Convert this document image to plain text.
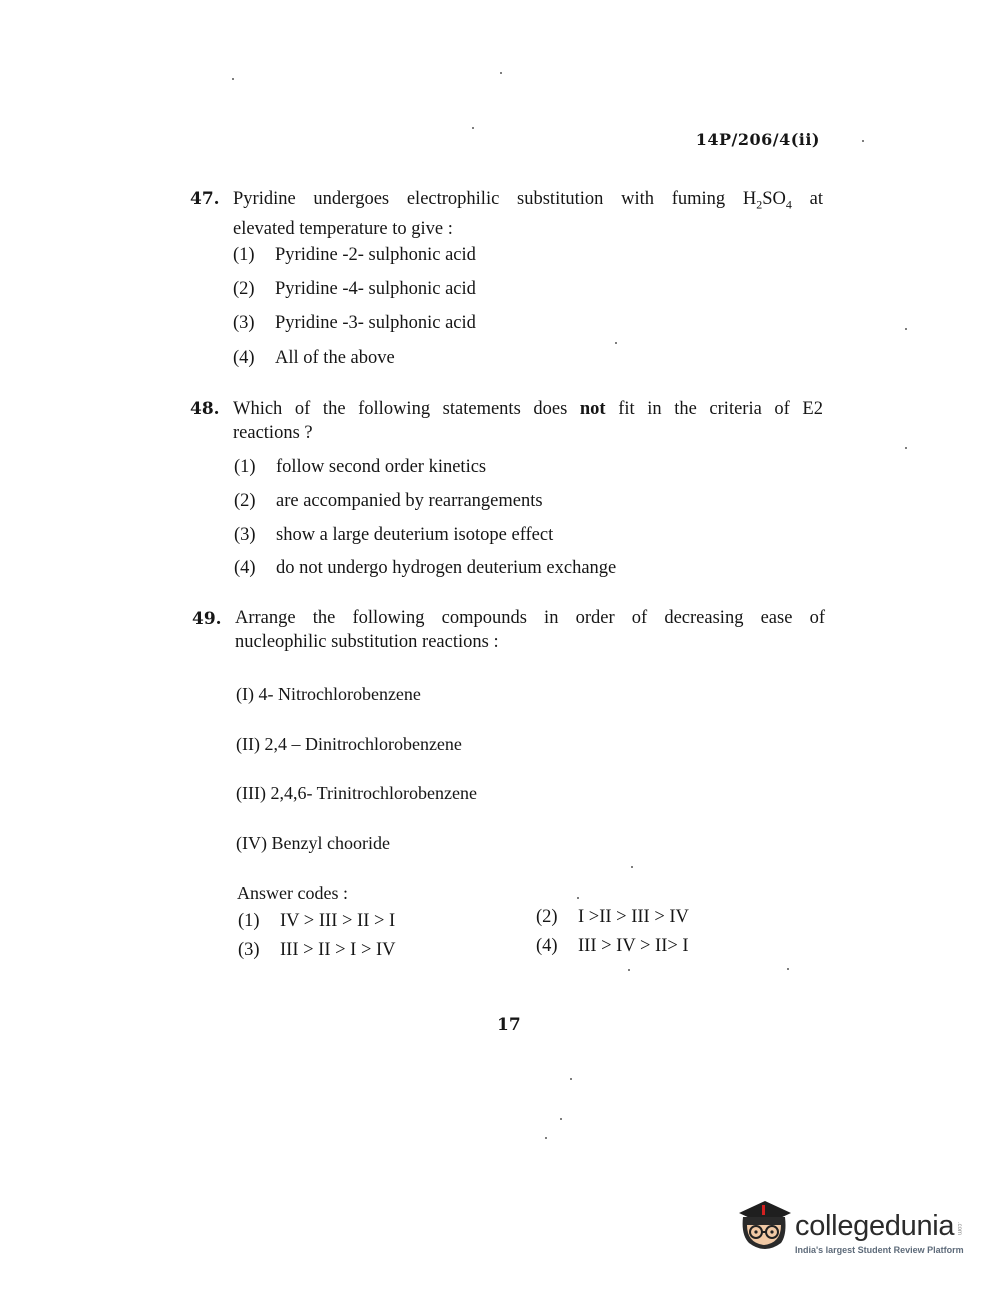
14P/206/4(ii)
47. Pyridine undergoes electrophilic substitution with fuming $H_2SO_4$ at
elevated temperature to give :
(1) Pyridine -2- sulphonic acid
(2) Pyridine -4- sulphonic acid
(3) Pyridine -3- sulphonic acid
(4) All of the above
48. Which of the following statements does not fit in the criteria of E2
reactions ?
(1) follow second order kinetics
(2) are accompanied by rearrangements
(3) show a large deuterium isotope effect
(4) do not undergo hydrogen deuterium exchange
49. Arrange the following compounds in order of decreasing ease of
nucleophilic substitution reactions :
(I) 4- Nitrochlorobenzene
(II) 2,4 – Dinitrochlorobenzene
(III) 2,4,6- Trinitrochlorobenzene
(IV) Benzyl chooride
Answer codes :
(1) IV > III > II > I	(2) I >II > III > IV
(3) III > II > I > IV	(4) III > IV > II> I
17
collegedunia .com
India's largest Student Review Platform
